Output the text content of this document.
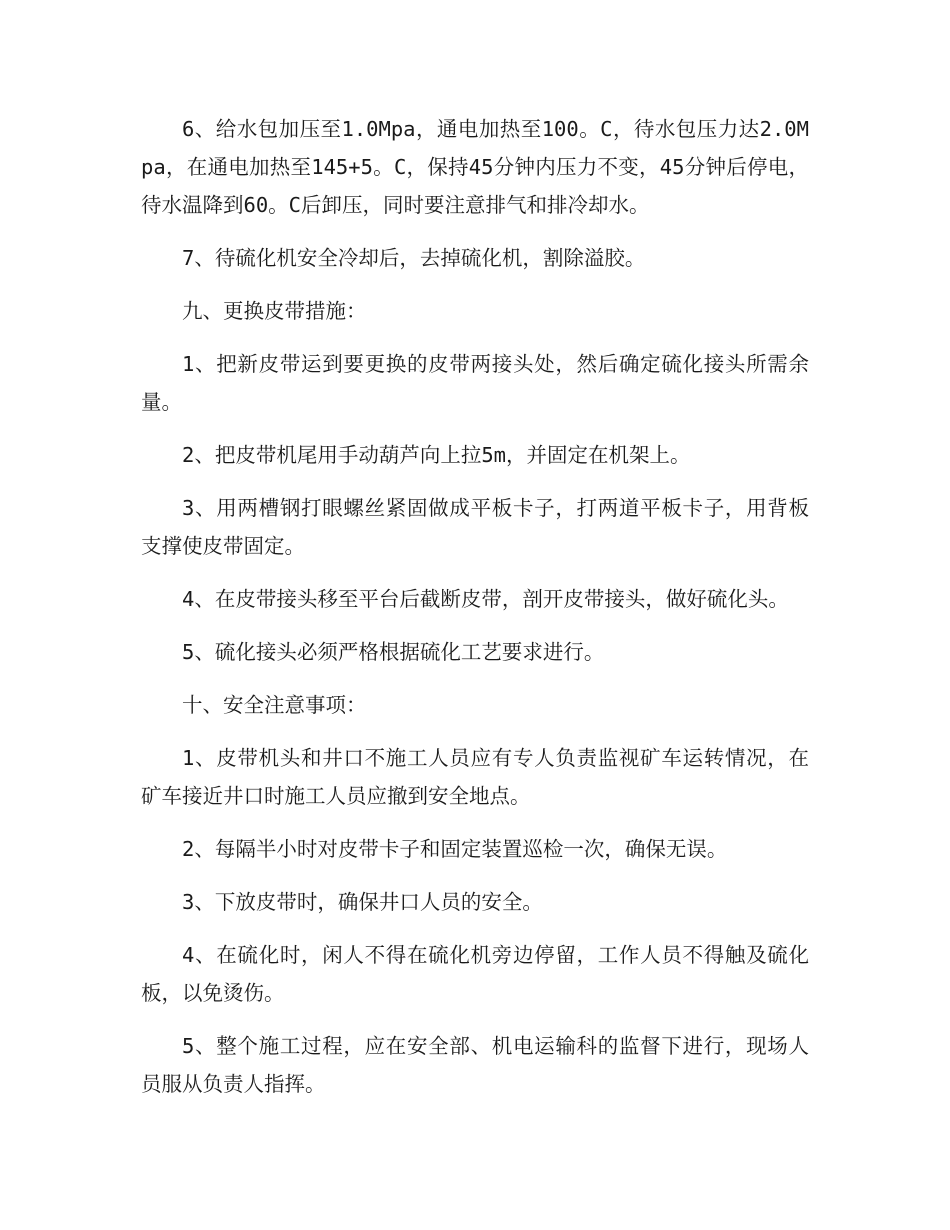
6、给水包加压至1.0Mpa，通电加热至100。C，待水包压力达2.0Mpa，在通电加热至145+5。C，保持45分钟内压力不变，45分钟后停电，待水温降到60。C后卸压，同时要注意排气和排冷却水。

7、待硫化机安全冷却后，去掉硫化机，割除溢胶。

九、更换皮带措施：

1、把新皮带运到要更换的皮带两接头处，然后确定硫化接头所需余量。

2、把皮带机尾用手动葫芦向上拉5m，并固定在机架上。

3、用两槽钢打眼螺丝紧固做成平板卡子，打两道平板卡子，用背板支撑使皮带固定。

4、在皮带接头移至平台后截断皮带，剖开皮带接头，做好硫化头。

5、硫化接头必须严格根据硫化工艺要求进行。

十、安全注意事项：

1、皮带机头和井口不施工人员应有专人负责监视矿车运转情况，在矿车接近井口时施工人员应撤到安全地点。

2、每隔半小时对皮带卡子和固定装置巡检一次，确保无误。

3、下放皮带时，确保井口人员的安全。

4、在硫化时，闲人不得在硫化机旁边停留，工作人员不得触及硫化板，以免烫伤。

5、整个施工过程，应在安全部、机电运输科的监督下进行，现场人员服从负责人指挥。
